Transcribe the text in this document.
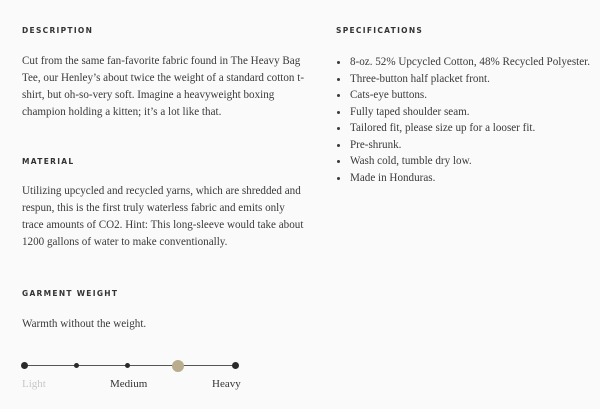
DESCRIPTION
Cut from the same fan-favorite fabric found in The Heavy Bag
Tee, our Henley’s about twice the weight of a standard cotton t-
shirt, but oh-so-very soft. Imagine a heavyweight boxing
champion holding a kitten; it’s a lot like that.
MATERIAL
Utilizing upcycled and recycled yarns, which are shredded and
respun, this is the first truly waterless fabric and emits only
trace amounts of CO2. Hint: This long-sleeve would take about
1200 gallons of water to make conventionally.
GARMENT WEIGHT
Warmth without the weight.
Light	Medium	Heavy
SPECIFICATIONS
8-oz. 52% Upcycled Cotton, 48% Recycled Polyester.
Three-button half placket front.
Cats-eye buttons.
Fully taped shoulder seam.
Tailored fit, please size up for a looser fit.
Pre-shrunk.
Wash cold, tumble dry low.
Made in Honduras.
